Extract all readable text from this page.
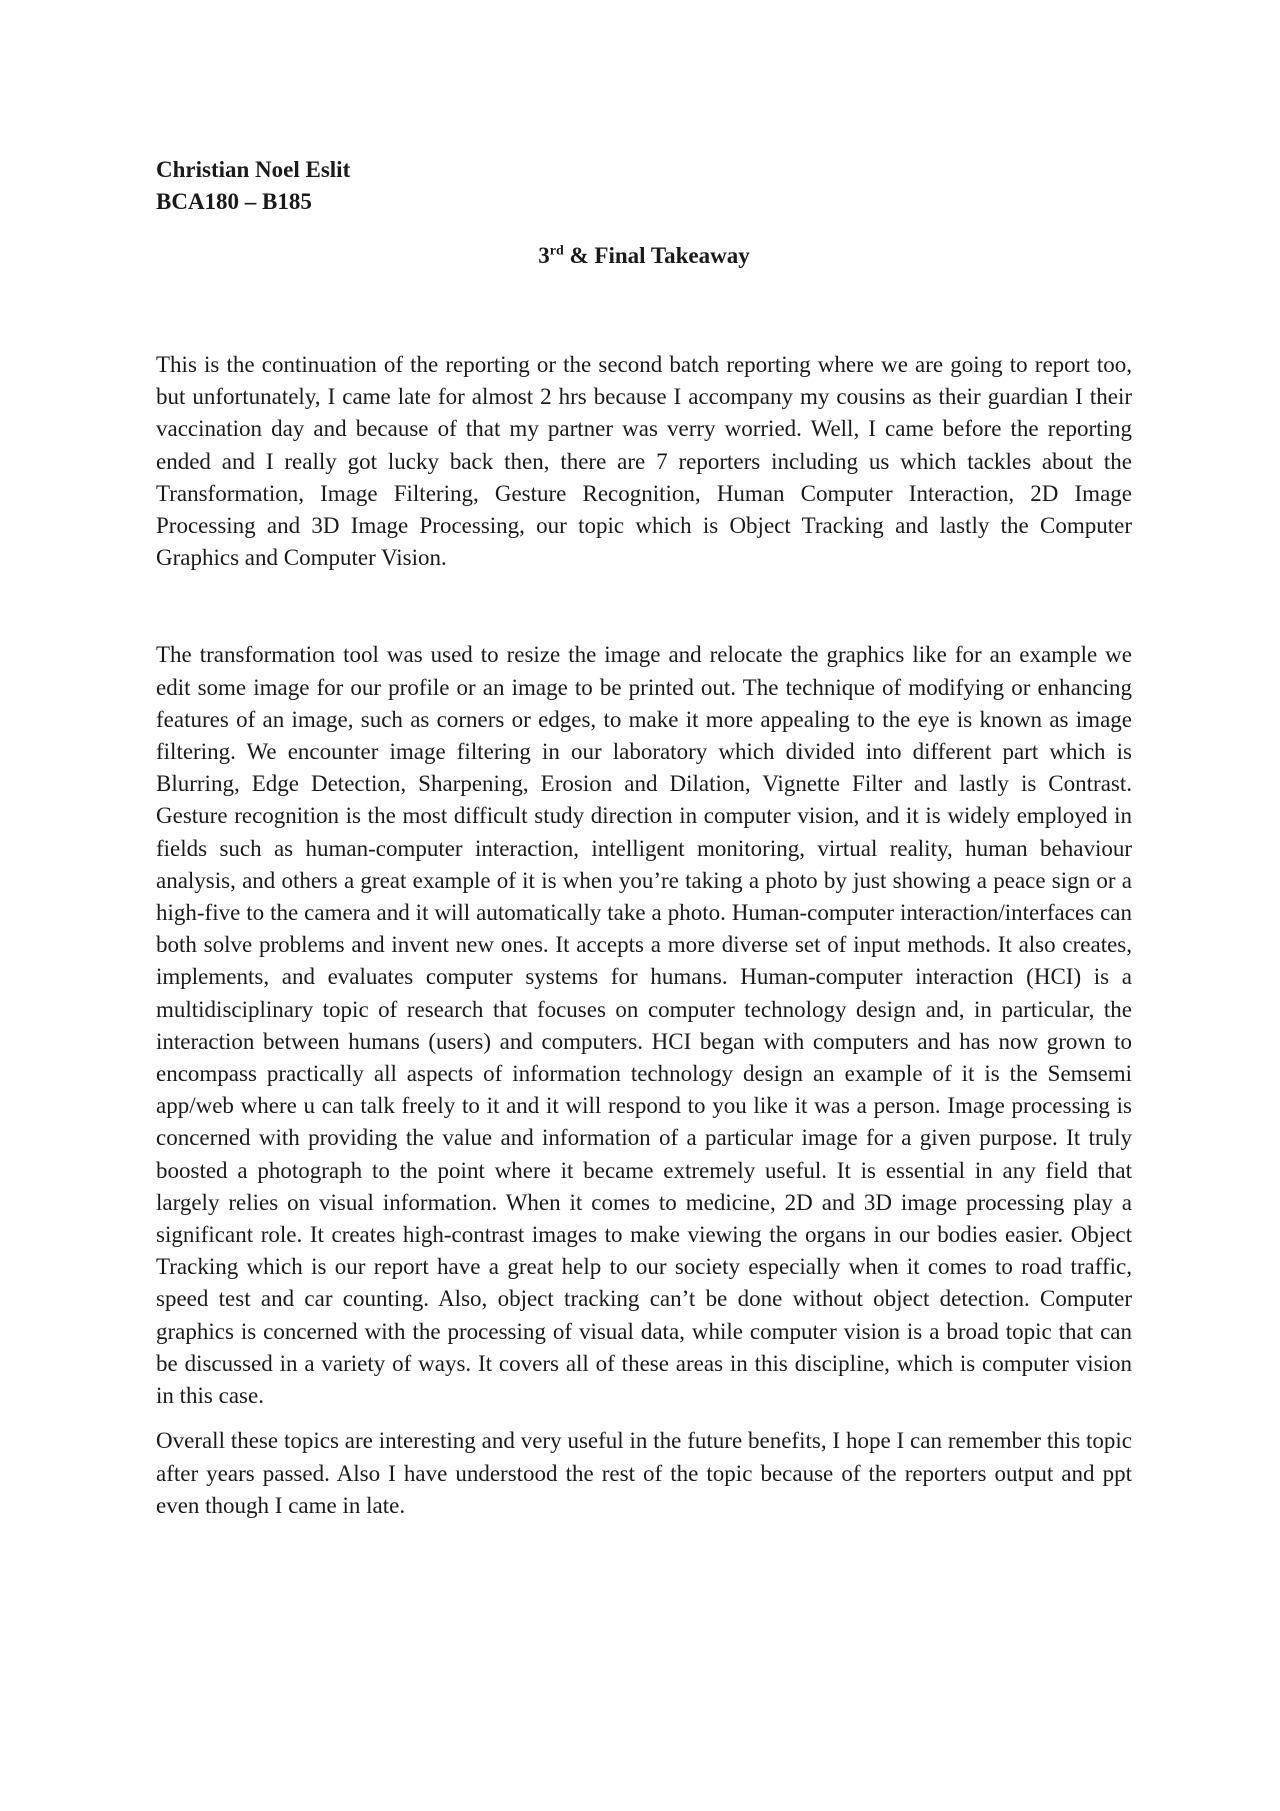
Christian Noel Eslit

BCA180 – B185

3rd & Final Takeaway

This is the continuation of the reporting or the second batch reporting where we are going to report too, but unfortunately, I came late for almost 2 hrs because I accompany my cousins as their guardian I their vaccination day and because of that my partner was verry worried. Well, I came before the reporting ended and I really got lucky back then, there are 7 reporters including us which tackles about the Transformation, Image Filtering, Gesture Recognition, Human Computer Interaction, 2D Image Processing and 3D Image Processing, our topic which is Object Tracking and lastly the Computer Graphics and Computer Vision.

The transformation tool was used to resize the image and relocate the graphics like for an example we edit some image for our profile or an image to be printed out. The technique of modifying or enhancing features of an image, such as corners or edges, to make it more appealing to the eye is known as image filtering. We encounter image filtering in our laboratory which divided into different part which is Blurring, Edge Detection, Sharpening, Erosion and Dilation, Vignette Filter and lastly is Contrast. Gesture recognition is the most difficult study direction in computer vision, and it is widely employed in fields such as human-computer interaction, intelligent monitoring, virtual reality, human behaviour analysis, and others a great example of it is when you’re taking a photo by just showing a peace sign or a high-five to the camera and it will automatically take a photo. Human-computer interaction/interfaces can both solve problems and invent new ones. It accepts a more diverse set of input methods. It also creates, implements, and evaluates computer systems for humans. Human-computer interaction (HCI) is a multidisciplinary topic of research that focuses on computer technology design and, in particular, the interaction between humans (users) and computers. HCI began with computers and has now grown to encompass practically all aspects of information technology design an example of it is the Semsemi app/web where u can talk freely to it and it will respond to you like it was a person. Image processing is concerned with providing the value and information of a particular image for a given purpose. It truly boosted a photograph to the point where it became extremely useful. It is essential in any field that largely relies on visual information. When it comes to medicine, 2D and 3D image processing play a significant role. It creates high-contrast images to make viewing the organs in our bodies easier. Object Tracking which is our report have a great help to our society especially when it comes to road traffic, speed test and car counting. Also, object tracking can’t be done without object detection. Computer graphics is concerned with the processing of visual data, while computer vision is a broad topic that can be discussed in a variety of ways. It covers all of these areas in this discipline, which is computer vision in this case.

Overall these topics are interesting and very useful in the future benefits, I hope I can remember this topic after years passed. Also I have understood the rest of the topic because of the reporters output and ppt even though I came in late.
